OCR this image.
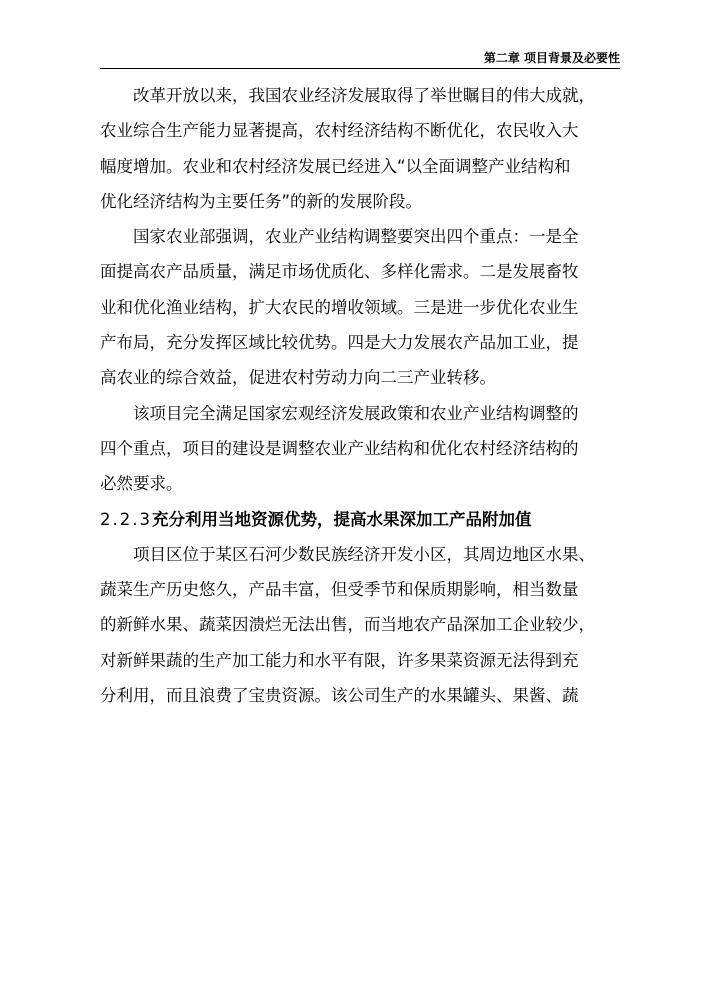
第二章 项目背景及必要性

　　改革开放以来，我国农业经济发展取得了举世瞩目的伟大成就，
农业综合生产能力显著提高，农村经济结构不断优化，农民收入大
幅度增加。农业和农村经济发展已经进入“以全面调整产业结构和
优化经济结构为主要任务”的新的发展阶段。

　　国家农业部强调，农业产业结构调整要突出四个重点：一是全
面提高农产品质量，满足市场优质化、多样化需求。二是发展畜牧
业和优化渔业结构，扩大农民的增收领域。三是进一步优化农业生
产布局，充分发挥区域比较优势。四是大力发展农产品加工业，提
高农业的综合效益，促进农村劳动力向二三产业转移。

　　该项目完全满足国家宏观经济发展政策和农业产业结构调整的
四个重点，项目的建设是调整农业产业结构和优化农村经济结构的
必然要求。

2.2.3充分利用当地资源优势，提高水果深加工产品附加值

　　项目区位于某区石河少数民族经济开发小区，其周边地区水果、
蔬菜生产历史悠久，产品丰富，但受季节和保质期影响，相当数量
的新鲜水果、蔬菜因溃烂无法出售，而当地农产品深加工企业较少，
对新鲜果蔬的生产加工能力和水平有限，许多果菜资源无法得到充
分利用，而且浪费了宝贵资源。该公司生产的水果罐头、果酱、蔬
